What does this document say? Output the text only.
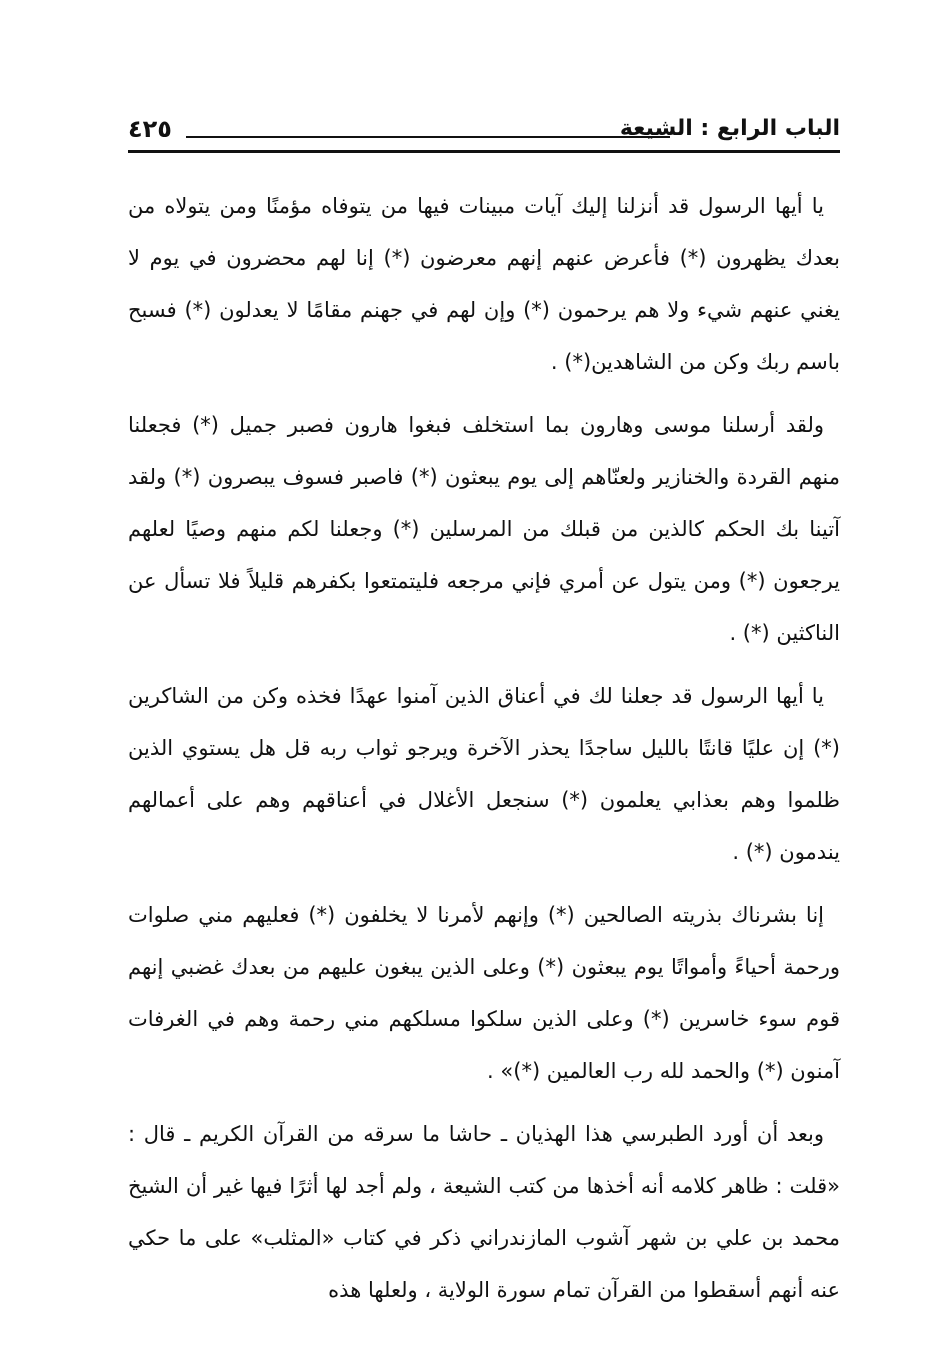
الباب الرابع : الشيعة
٤٢٥

يا أيها الرسول قد أنزلنا إليك آيات مبينات فيها من يتوفاه مؤمنًا ومن يتولاه من بعدك يظهرون (*) فأعرض عنهم إنهم معرضون (*) إنا لهم محضرون في يوم لا يغني عنهم شيء ولا هم يرحمون (*) وإن لهم في جهنم مقامًا لا يعدلون (*) فسبح باسم ربك وكن من الشاهدين(*) .

ولقد أرسلنا موسى وهارون بما استخلف فبغوا هارون فصبر جميل (*) فجعلنا منهم القردة والخنازير ولعنّاهم إلى يوم يبعثون (*) فاصبر فسوف يبصرون (*) ولقد آتينا بك الحكم كالذين من قبلك من المرسلين (*) وجعلنا لكم منهم وصيًا لعلهم يرجعون (*) ومن يتول عن أمري فإني مرجعه فليتمتعوا بكفرهم قليلاً فلا تسأل عن الناكثين (*) .

يا أيها الرسول قد جعلنا لك في أعناق الذين آمنوا عهدًا فخذه وكن من الشاكرين (*) إن عليًا قانتًا بالليل ساجدًا يحذر الآخرة ويرجو ثواب ربه قل هل يستوي الذين ظلموا وهم بعذابي يعلمون (*) سنجعل الأغلال في أعناقهم وهم على أعمالهم يندمون (*) .

إنا بشرناك بذريته الصالحين (*) وإنهم لأمرنا لا يخلفون (*) فعليهم مني صلوات ورحمة أحياءً وأمواتًا يوم يبعثون (*) وعلى الذين يبغون عليهم من بعدك غضبي إنهم قوم سوء خاسرين (*) وعلى الذين سلكوا مسلكهم مني رحمة وهم في الغرفات آمنون (*) والحمد لله رب العالمين (*)» .

وبعد أن أورد الطبرسي هذا الهذيان ـ حاشا ما سرقه من القرآن الكريم ـ قال : «قلت : ظاهر كلامه أنه أخذها من كتب الشيعة ، ولم أجد لها أثرًا فيها غير أن الشيخ محمد بن علي بن شهر آشوب المازندراني ذكر في كتاب «المثلب» على ما حكي عنه أنهم أسقطوا من القرآن تمام سورة الولاية ، ولعلها هذه
